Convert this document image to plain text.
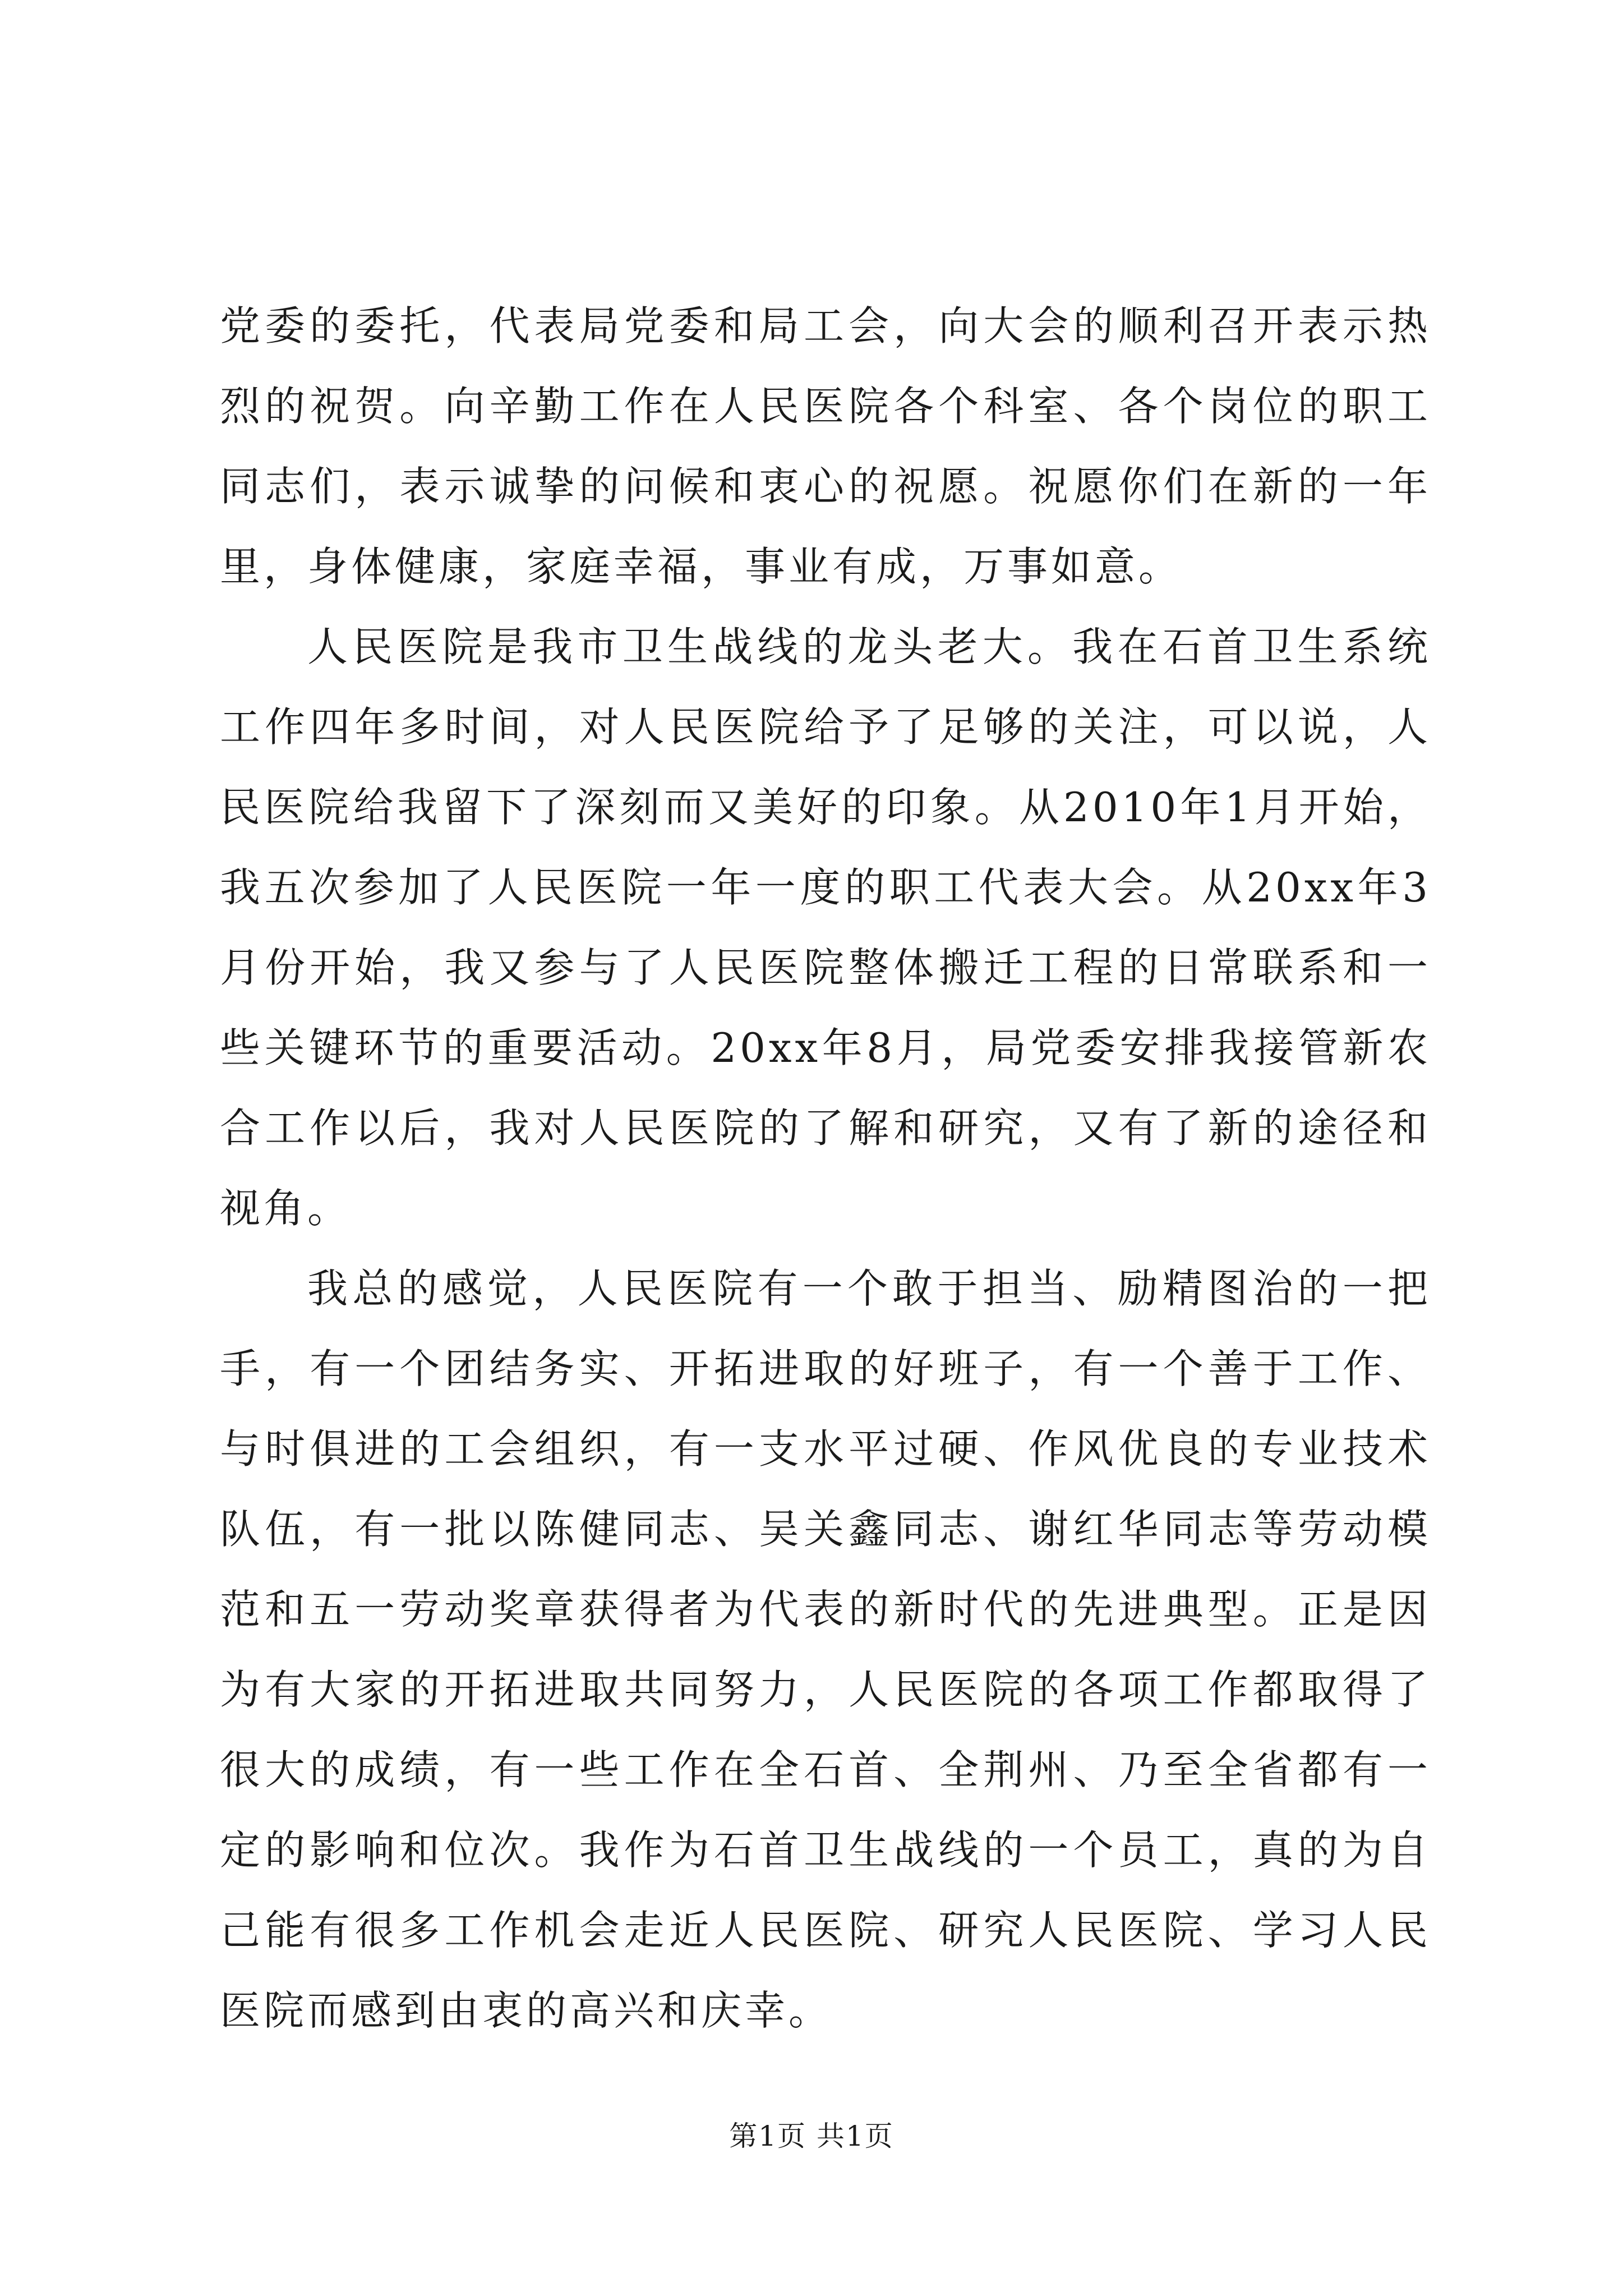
党委的委托，代表局党委和局工会，向大会的顺利召开表示热烈的祝贺。向辛勤工作在人民医院各个科室、各个岗位的职工同志们，表示诚挚的问候和衷心的祝愿。祝愿你们在新的一年里，身体健康，家庭幸福，事业有成，万事如意。

人民医院是我市卫生战线的龙头老大。我在石首卫生系统工作四年多时间，对人民医院给予了足够的关注，可以说，人民医院给我留下了深刻而又美好的印象。从2010年1月开始，我五次参加了人民医院一年一度的职工代表大会。从20xx年3月份开始，我又参与了人民医院整体搬迁工程的日常联系和一些关键环节的重要活动。20xx年8月，局党委安排我接管新农合工作以后，我对人民医院的了解和研究，又有了新的途径和视角。

我总的感觉，人民医院有一个敢于担当、励精图治的一把手，有一个团结务实、开拓进取的好班子，有一个善于工作、与时俱进的工会组织，有一支水平过硬、作风优良的专业技术队伍，有一批以陈健同志、吴关鑫同志、谢红华同志等劳动模范和五一劳动奖章获得者为代表的新时代的先进典型。正是因为有大家的开拓进取共同努力，人民医院的各项工作都取得了很大的成绩，有一些工作在全石首、全荆州、乃至全省都有一定的影响和位次。我作为石首卫生战线的一个员工，真的为自己能有很多工作机会走近人民医院、研究人民医院、学习人民医院而感到由衷的高兴和庆幸。

第1页 共1页
